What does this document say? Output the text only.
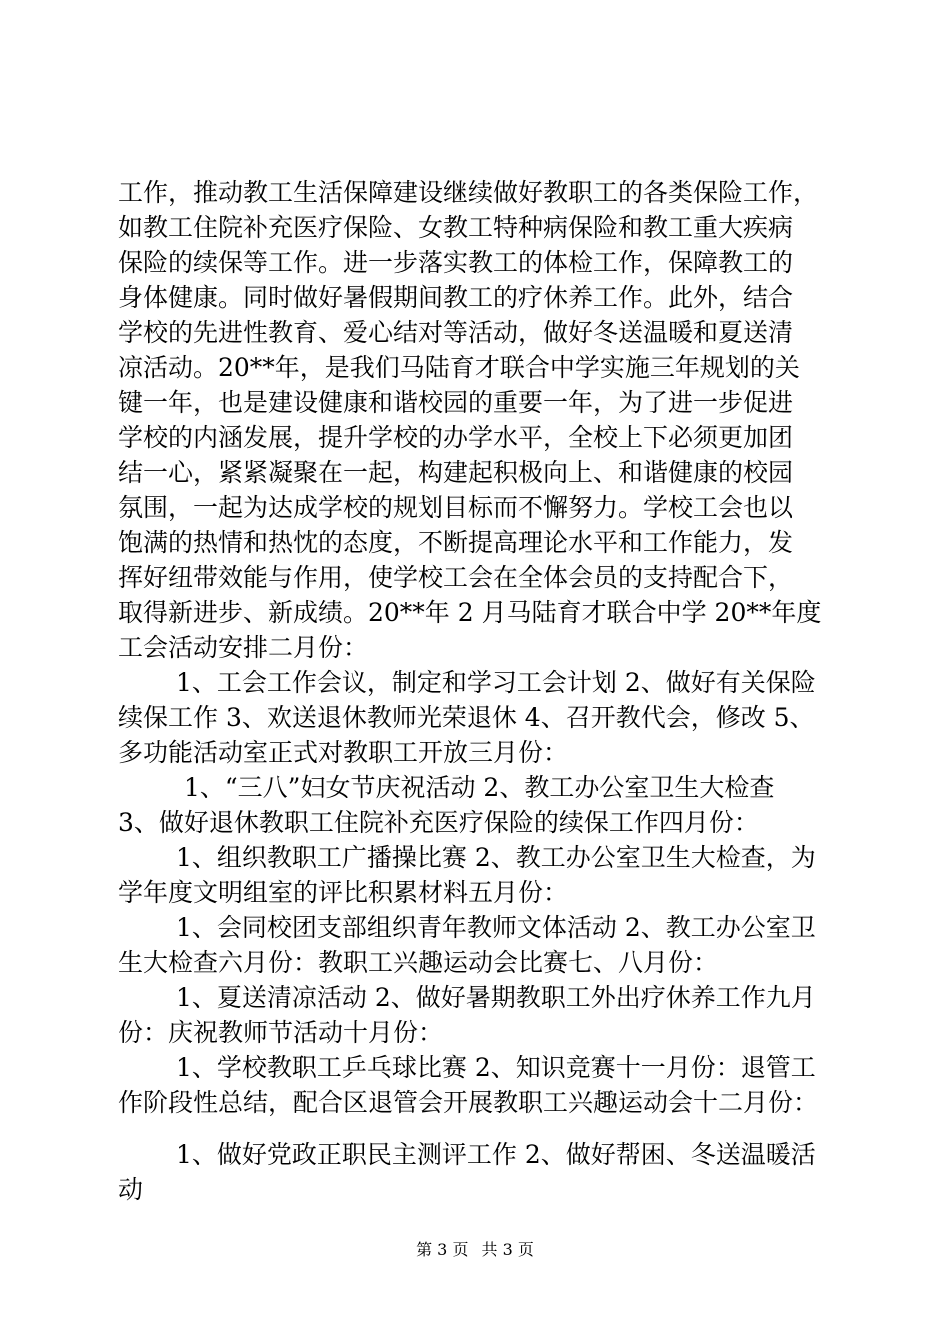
工作，推动教工生活保障建设继续做好教职工的各类保险工作，
如教工住院补充医疗保险、女教工特种病保险和教工重大疾病
保险的续保等工作。进一步落实教工的体检工作，保障教工的
身体健康。同时做好暑假期间教工的疗休养工作。此外，结合
学校的先进性教育、爱心结对等活动，做好冬送温暖和夏送清
凉活动。20**年，是我们马陆育才联合中学实施三年规划的关
键一年，也是建设健康和谐校园的重要一年，为了进一步促进
学校的内涵发展，提升学校的办学水平，全校上下必须更加团
结一心，紧紧凝聚在一起，构建起积极向上、和谐健康的校园
氛围，一起为达成学校的规划目标而不懈努力。学校工会也以
饱满的热情和热忱的态度，不断提高理论水平和工作能力，发
挥好纽带效能与作用，使学校工会在全体会员的支持配合下，
取得新进步、新成绩。20**年 2 月马陆育才联合中学 20**年度
工会活动安排二月份：
1、工会工作会议，制定和学习工会计划 2、做好有关保险
续保工作 3、欢送退休教师光荣退休 4、召开教代会，修改 5、
多功能活动室正式对教职工开放三月份：
1、“三八”妇女节庆祝活动 2、教工办公室卫生大检查
3、做好退休教职工住院补充医疗保险的续保工作四月份：
1、组织教职工广播操比赛 2、教工办公室卫生大检查，为
学年度文明组室的评比积累材料五月份：
1、会同校团支部组织青年教师文体活动 2、教工办公室卫
生大检查六月份：教职工兴趣运动会比赛七、八月份：
1、夏送清凉活动 2、做好暑期教职工外出疗休养工作九月
份：庆祝教师节活动十月份：
1、学校教职工乒乓球比赛 2、知识竞赛十一月份：退管工
作阶段性总结，配合区退管会开展教职工兴趣运动会十二月份：
1、做好党政正职民主测评工作 2、做好帮困、冬送温暖活
动
第 3 页 共 3 页
